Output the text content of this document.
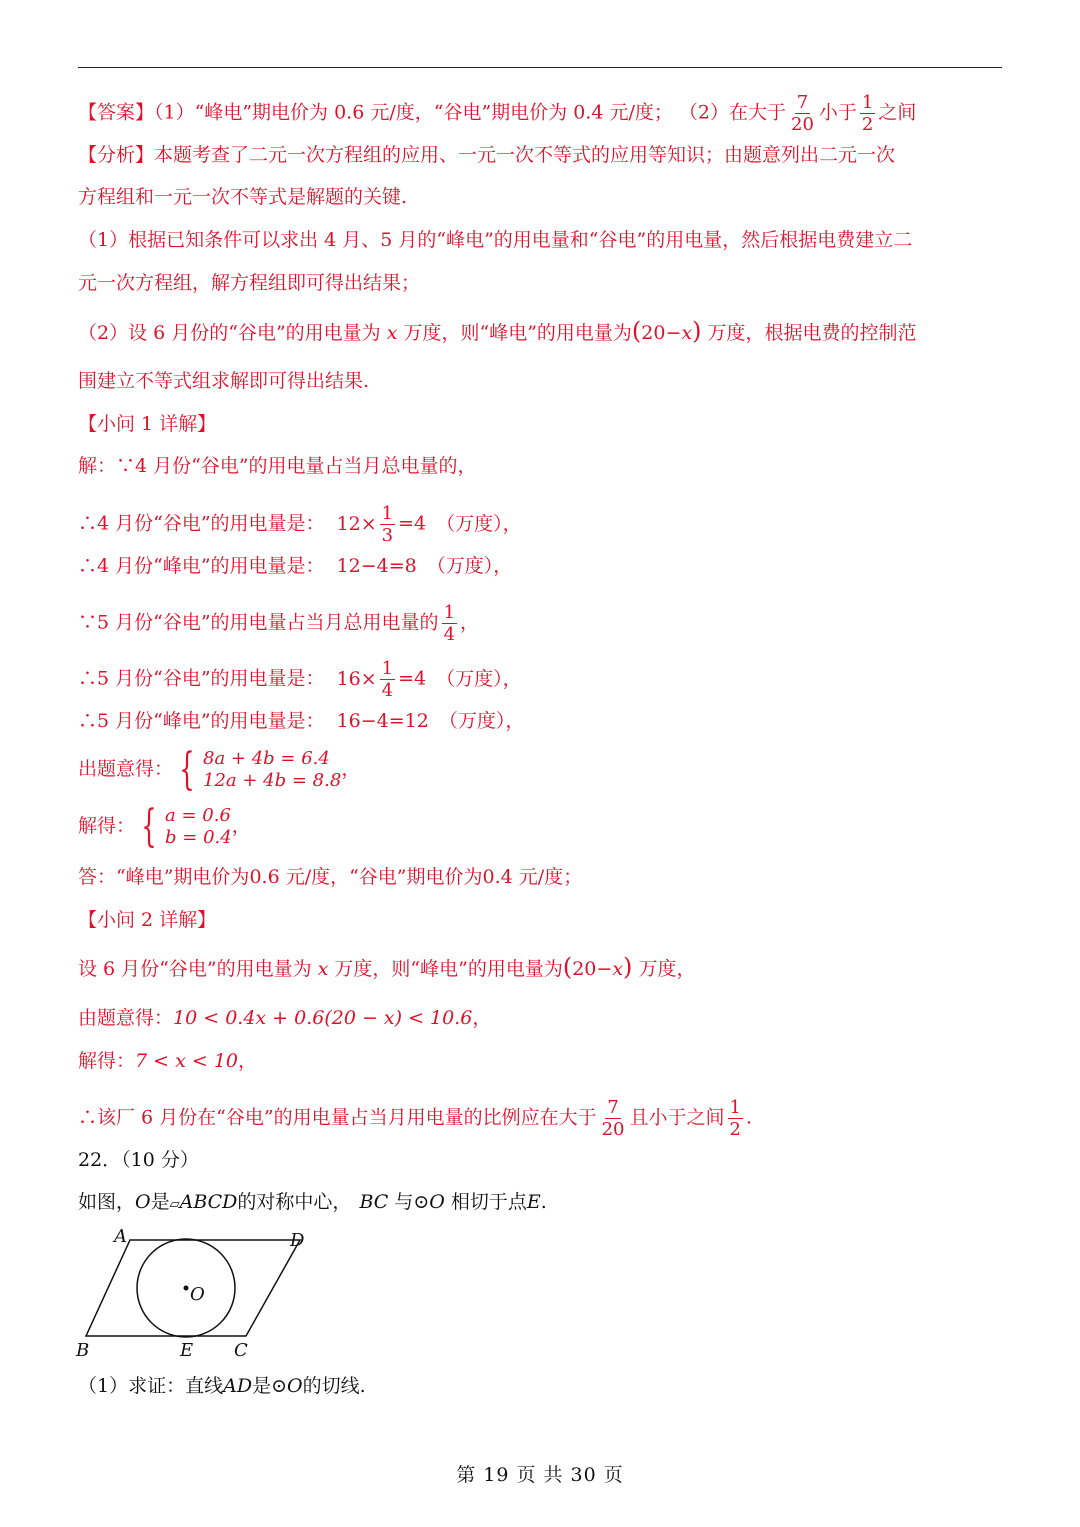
【答案】（1）“峰电”期电价为 0.6 元/度，“谷电”期电价为 0.4 元/度； （2）在大于 $\frac{7}{20}$ 小于 $\frac{1}{2}$ 之间
【分析】本题考查了二元一次方程组的应用、一元一次不等式的应用等知识；由题意列出二元一次
方程组和一元一次不等式是解题的关键.
（1）根据已知条件可以求出 4 月、5 月的“峰电”的用电量和“谷电”的用电量，然后根据电费建立二
元一次方程组，解方程组即可得出结果；
（2）设 6 月份的“谷电”的用电量为 x 万度，则“峰电”的用电量为(20−x) 万度，根据电费的控制范
围建立不等式组求解即可得出结果.
【小问 1 详解】
解：∵4 月份“谷电”的用电量占当月总电量的，
∴4 月份“谷电”的用电量是： $12\times \frac{1}{3} =4$ （万度），
∴4 月份“峰电”的用电量是： 12−4=8 （万度），
∵5 月份“谷电”的用电量占当月总用电量的 $\frac{1}{4}$ ，
∴5 月份“谷电”的用电量是： $16\times \frac{1}{4} =4$ （万度），
∴5 月份“峰电”的用电量是： 16−4=12 （万度），
出题意得： { 8a + 4b = 6.4
12a + 4b = 8.8
，
解得： { a = 0.6
b = 0.4
，
答：“峰电”期电价为0.6 元/度，“谷电”期电价为0.4 元/度；
【小问 2 详解】
设 6 月份“谷电”的用电量为 x 万度，则“峰电”的用电量为(20−x) 万度，
由题意得：10 < 0.4x + 0.6(20 − x) < 10.6，
解得：7 < x < 10，
∴该厂 6 月份在“谷电”的用电量占当月用电量的比例应在大于 $\frac{7}{20}$ 且小于之间 $\frac{1}{2}$ .
22．（10 分）
如图，O是▱ABCD的对称中心， BC 与⊙O 相切于点E.
A	D
B	E C
O
（1）求证：直线AD是⊙O的切线.
第 19 页 共 30 页
